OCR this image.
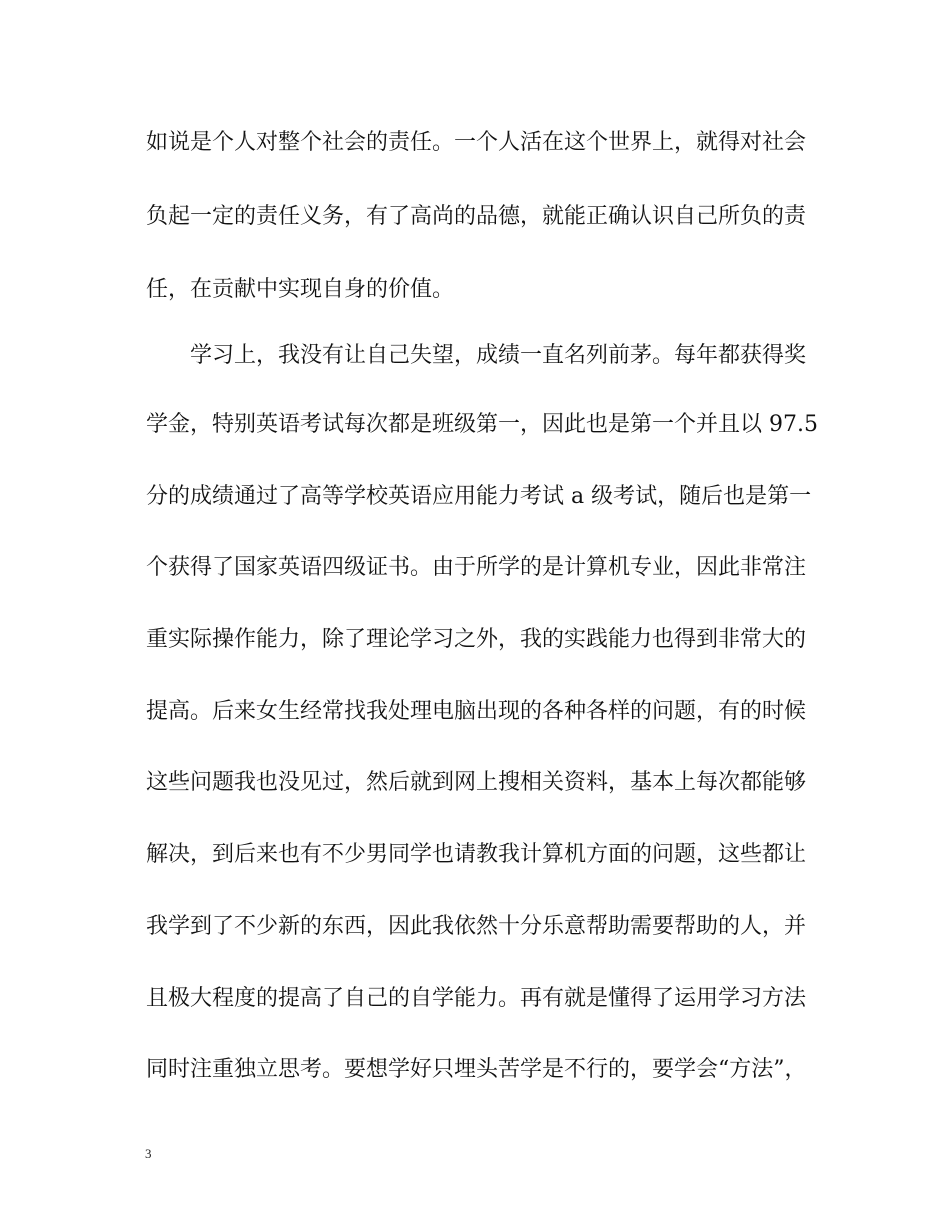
如说是个人对整个社会的责任。一个人活在这个世界上，就得对社会
负起一定的责任义务，有了高尚的品德，就能正确认识自己所负的责
任，在贡献中实现自身的价值。
　　学习上，我没有让自己失望，成绩一直名列前茅。每年都获得奖
学金，特别英语考试每次都是班级第一，因此也是第一个并且以 97.5
分的成绩通过了高等学校英语应用能力考试 a 级考试，随后也是第一
个获得了国家英语四级证书。由于所学的是计算机专业，因此非常注
重实际操作能力，除了理论学习之外，我的实践能力也得到非常大的
提高。后来女生经常找我处理电脑出现的各种各样的问题，有的时候
这些问题我也没见过，然后就到网上搜相关资料，基本上每次都能够
解决，到后来也有不少男同学也请教我计算机方面的问题，这些都让
我学到了不少新的东西，因此我依然十分乐意帮助需要帮助的人，并
且极大程度的提高了自己的自学能力。再有就是懂得了运用学习方法
同时注重独立思考。要想学好只埋头苦学是不行的，要学会“方法”，
3
